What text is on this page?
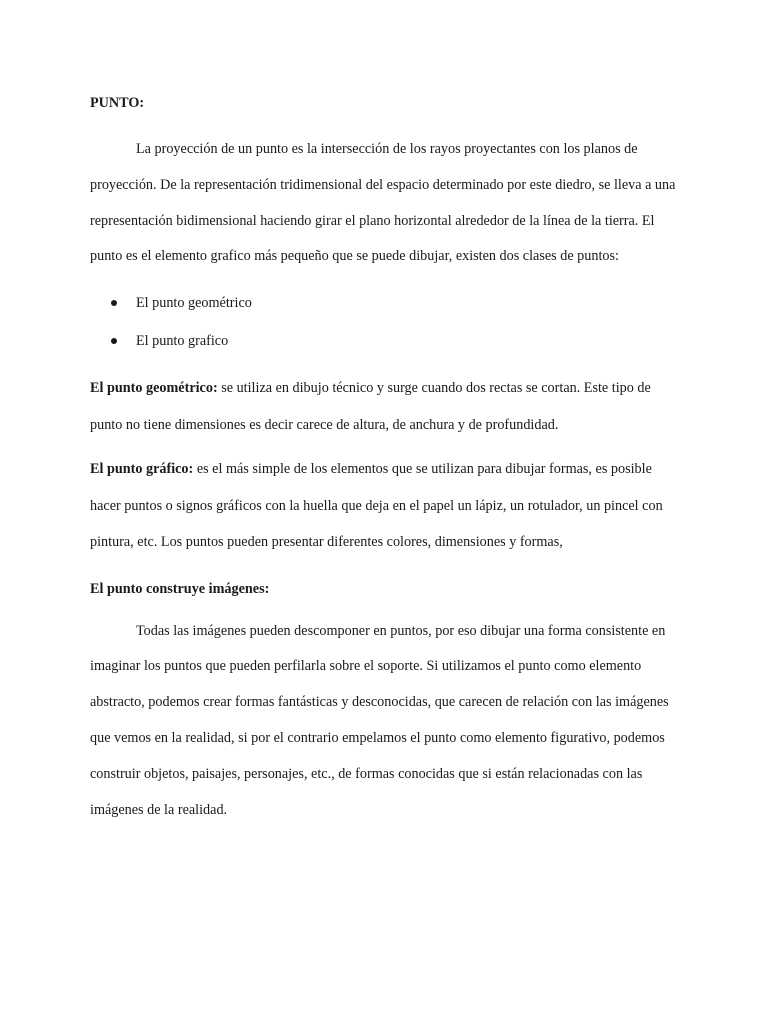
PUNTO:

La proyección de un punto es la intersección de los rayos proyectantes con los planos de proyección. De la representación tridimensional del espacio determinado por este diedro, se lleva a una representación bidimensional haciendo girar el plano horizontal alrededor de la línea de la tierra. El punto es el elemento grafico más pequeño que se puede dibujar, existen dos clases de puntos:

El punto geométrico
El punto grafico

El punto geométrico: se utiliza en dibujo técnico y surge cuando dos rectas se cortan. Este tipo de punto no tiene dimensiones es decir carece de altura, de anchura y de profundidad.

El punto gráfico: es el más simple de los elementos que se utilizan para dibujar formas, es posible hacer puntos o signos gráficos con la huella que deja en el papel un lápiz, un rotulador, un pincel con pintura, etc. Los puntos pueden presentar diferentes colores, dimensiones y formas,

El punto construye imágenes:

Todas las imágenes pueden descomponer en puntos, por eso dibujar una forma consistente en imaginar los puntos que pueden perfilarla sobre el soporte. Si utilizamos el punto como elemento abstracto, podemos crear formas fantásticas y desconocidas, que carecen de relación con las imágenes que vemos en la realidad, si por el contrario empelamos el punto como elemento figurativo, podemos construir objetos, paisajes, personajes, etc., de formas conocidas que si están relacionadas con las imágenes de la realidad.
